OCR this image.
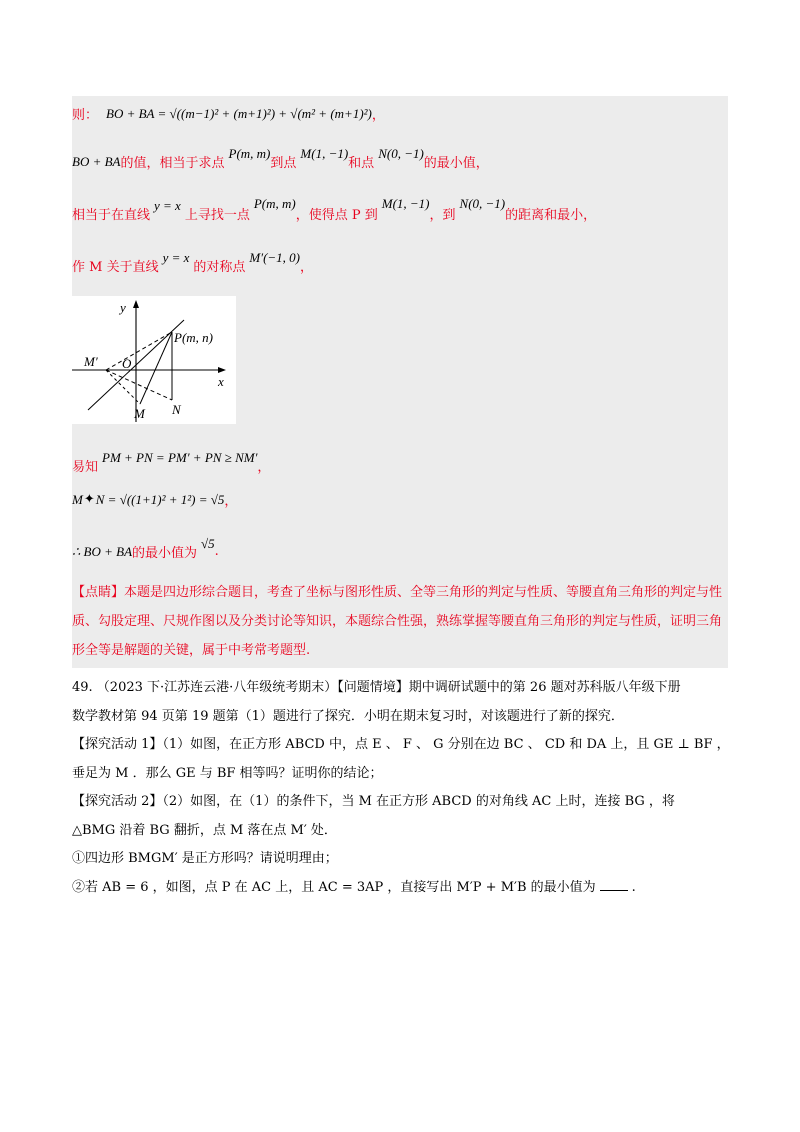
则： BO + BA = √((m−1)² + (m+1)²) + √(m² + (m+1)²) ，
BO + BA 的值，相当于求点
P(m, m)
到点
M(1, −1)
和点
N(0, −1)
的最小值，
相当于在直线
y = x
上寻找一点
P(m, m)
，使得点 P 到
M(1, −1)
，到
N(0, −1)
的距离和最小，
作 M 关于直线
y = x
的对称点
M′(−1, 0)
，
y
x
O
P(m, n)
M′
M N
易知
PM + PN = PM′ + PN ≥ NM′
，
M ✦ N = √((1+1)² + 1²) = √5 ，
∴ BO + BA 的最小值为
√5
.
【点睛】本题是四边形综合题目，考查了坐标与图形性质、全等三角形的判定与性质、等腰直角三角形的判定与性质、勾股定理、尺规作图以及分类讨论等知识，本题综合性强，熟练掌握等腰直角三角形的判定与性质，证明三角形全等是解题的关键，属于中考常考题型.
49. （2023 下·江苏连云港·八年级统考期末）【问题情境】期中调研试题中的第 26 题对苏科版八年级下册
数学教材第 94 页第 19 题第（1）题进行了探究．小明在期末复习时，对该题进行了新的探究．
【探究活动 1】（1）如图，在正方形 ABCD 中，点 E 、 F 、 G 分别在边 BC 、 CD 和 DA 上，且 GE ⊥ BF ，
垂足为 M ．那么 GE 与 BF 相等吗？证明你的结论；
【探究活动 2】（2）如图，在（1）的条件下，当 M 在正方形 ABCD 的对角线 AC 上时，连接 BG ，将
△BMG 沿着 BG 翻折，点 M 落在点 M′ 处．
①四边形 BMGM′ 是正方形吗？请说明理由；
②若 AB = 6 ，如图，点 P 在 AC 上，且 AC = 3AP ，直接写出 M′P + M′B 的最小值为	.
